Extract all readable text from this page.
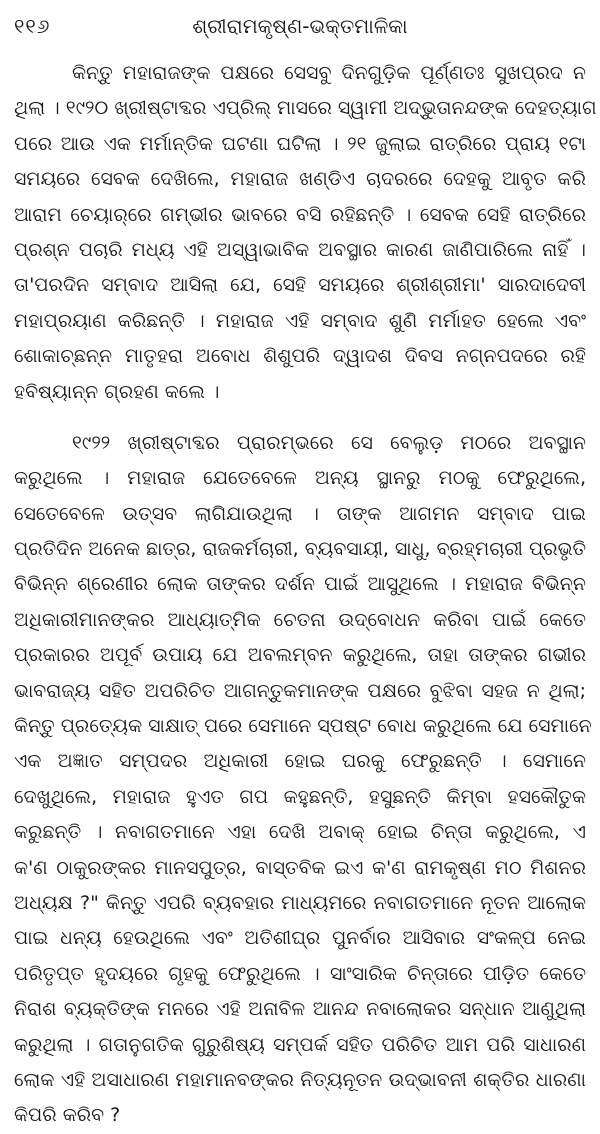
୧୧୬	ଶ୍ରୀରାମକୃଷ୍ଣ-ଭକ୍ତମାଳିକା
କିନ୍ତୁ ମହାରାଜଙ୍କ ପକ୍ଷରେ ସେସବୁ ଦିନଗୁଡ଼ିକ ପୂର୍ଣ୍ଣତଃ ସୁଖପ୍ରଦ ନ
ଥିଲା । ୧୯୨୦ ଖ୍ରୀଷ୍ଟାବ୍ଦର ଏପ୍ରିଲ୍ ମାସରେ ସ୍ୱାମୀ ଅଦ୍ଭୁତାନନ୍ଦଙ୍କ ଦେହତ୍ୟାଗ
ପରେ ଆଉ ଏକ ମର୍ମାନ୍ତିକ ଘଟଣା ଘଟିଲା । ୨୧ ଜୁଲାଇ ରାତ୍ରିରେ ପ୍ରାୟ ୧ଟା
ସମୟରେ ସେବକ ଦେଖିଲେ, ମହାରାଜ ଖଣ୍ଡିଏ ଚାଦରରେ ଦେହକୁ ଆବୃତ କରି
ଆରାମ ଚେୟାର୍‌ରେ ଗମ୍ଭୀର ଭାବରେ ବସି ରହିଛନ୍ତି । ସେବକ ସେହି ରାତ୍ରିରେ
ପ୍ରଶ୍ନ ପଚାରି ମଧ୍ୟ ଏହି ଅସ୍ୱାଭାବିକ ଅବସ୍ଥାର କାରଣ ଜାଣିପାରିଲେ ନାହିଁ ।
ତା'ପରଦିନ ସମ୍ବାଦ ଆସିଲା ଯେ, ସେହି ସମୟରେ ଶ୍ରୀଶ୍ରୀମା' ସାରଦାଦେବୀ
ମହାପ୍ରୟାଣ କରିଛନ୍ତି । ମହାରାଜ ଏହି ସମ୍ବାଦ ଶୁଣି ମର୍ମାହତ ହେଲେ ଏବଂ
ଶୋକାଚ୍ଛନ୍ନ ମାତୃହରା ଅବୋଧ ଶିଶୁପରି ଦ୍ୱାଦଶ ଦିବସ ନଗ୍ନପଦରେ ରହି
ହବିଷ୍ୟାନ୍ନ ଗ୍ରହଣ କଲେ ।
୧୯୨୨ ଖ୍ରୀଷ୍ଟାବ୍ଦର ପ୍ରାରମ୍ଭରେ ସେ ବେଲୁଡ଼ ମଠରେ ଅବସ୍ଥାନ
କରୁଥିଲେ । ମହାରାଜ ଯେତେବେଳେ ଅନ୍ୟ ସ୍ଥାନରୁ ମଠକୁ ଫେରୁଥିଲେ,
ସେତେବେଳେ ଉତ୍ସବ ଲାଗିଯାଉଥିଲା । ତାଙ୍କ ଆଗମନ ସମ୍ବାଦ ପାଇ
ପ୍ରତିଦିନ ଅନେକ ଛାତ୍ର, ରାଜକର୍ମଚାରୀ, ବ୍ୟବସାୟୀ, ସାଧୁ, ବ୍ରହ୍ମଚାରୀ ପ୍ରଭୃତି
ବିଭିନ୍ନ ଶ୍ରେଣୀର ଲୋକ ତାଙ୍କର ଦର୍ଶନ ପାଇଁ ଆସୁଥିଲେ । ମହାରାଜ ବିଭିନ୍ନ
ଅଧିକାରୀମାନଙ୍କର ଆଧ୍ୟାତ୍ମିକ ଚେତନା ଉଦ୍‌ବୋଧନ କରିବା ପାଇଁ କେତେ
ପ୍ରକାରର ଅପୂର୍ବ ଉପାୟ ଯେ ଅବଲମ୍ବନ କରୁଥିଲେ, ତାହା ତାଙ୍କର ଗଭୀର
ଭାବରାଜ୍ୟ ସହିତ ଅପରିଚିତ ଆଗନ୍ତୁକମାନଙ୍କ ପକ୍ଷରେ ବୁଝିବା ସହଜ ନ ଥିଲା;
କିନ୍ତୁ ପ୍ରତ୍ୟେକ ସାକ୍ଷାତ୍ ପରେ ସେମାନେ ସ୍ପଷ୍ଟ ବୋଧ କରୁଥିଲେ ଯେ ସେମାନେ
ଏକ ଅଜ୍ଞାତ ସମ୍ପଦର ଅଧିକାରୀ ହୋଇ ଘରକୁ ଫେରୁଛନ୍ତି । ସେମାନେ
ଦେଖୁଥିଲେ, ମହାରାଜ ହୁଏତ ଗପ କହୁଛନ୍ତି, ହସୁଛନ୍ତି କିମ୍ବା ହସକୌତୁକ
କରୁଛନ୍ତି । ନବାଗତମାନେ ଏହା ଦେଖି ଅବାକ୍ ହୋଇ ଚିନ୍ତା କରୁଥିଲେ, ଏ
କ'ଣ ଠାକୁରଙ୍କର ମାନସପୁତ୍ର, ବାସ୍ତବିକ ଇଏ କ'ଣ ରାମକୃଷ୍ଣ ମଠ ମିଶନର
ଅଧ୍ୟକ୍ଷ ?" କିନ୍ତୁ ଏପରି ବ୍ୟବହାର ମାଧ୍ୟମରେ ନବାଗତମାନେ ନୂତନ ଆଲୋକ
ପାଇ ଧନ୍ୟ ହେଉଥିଲେ ଏବଂ ଅତିଶୀଘ୍ର ପୁନର୍ବାର ଆସିବାର ସଂକଳ୍ପ ନେଇ
ପରିତୃପ୍ତ ହୃଦୟରେ ଗୃହକୁ ଫେରୁଥିଲେ । ସାଂସାରିକ ଚିନ୍ତାରେ ପୀଡ଼ିତ କେତେ
ନିରାଶ ବ୍ୟକ୍ତିଙ୍କ ମନରେ ଏହି ଅନାବିଳ ଆନନ୍ଦ ନବାଲୋକର ସନ୍ଧାନ ଆଣୁଥିଲା
କରୁଥିଲା । ଗତାନୁଗତିକ ଗୁରୁଶିଷ୍ୟ ସମ୍ପର୍କ ସହିତ ପରିଚିତ ଆମ ପରି ସାଧାରଣ
ଲୋକ ଏହି ଅସାଧାରଣ ମହାମାନବଙ୍କର ନିତ୍ୟନୂତନ ଉଦ୍ଭାବନୀ ଶକ୍ତିର ଧାରଣା
କିପରି କରିବ ?
